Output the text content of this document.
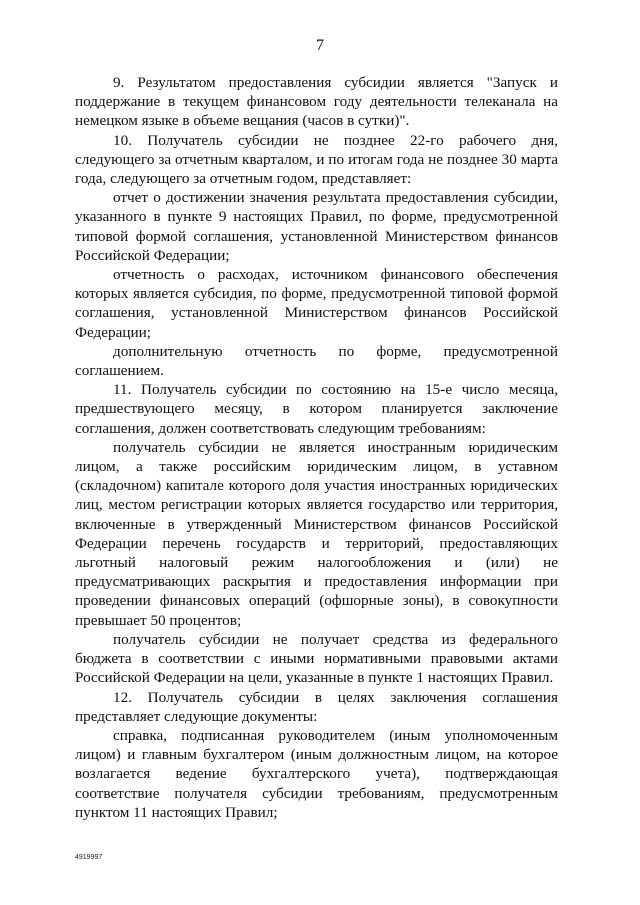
7

9. Результатом предоставления субсидии является "Запуск и поддержание в текущем финансовом году деятельности телеканала на немецком языке в объеме вещания (часов в сутки)".

10. Получатель субсидии не позднее 22-го рабочего дня, следующего за отчетным кварталом, и по итогам года не позднее 30 марта года, следующего за отчетным годом, представляет:

отчет о достижении значения результата предоставления субсидии, указанного в пункте 9 настоящих Правил, по форме, предусмотренной типовой формой соглашения, установленной Министерством финансов Российской Федерации;

отчетность о расходах, источником финансового обеспечения которых является субсидия, по форме, предусмотренной типовой формой соглашения, установленной Министерством финансов Российской Федерации;

дополнительную отчетность по форме, предусмотренной соглашением.

11. Получатель субсидии по состоянию на 15-е число месяца, предшествующего месяцу, в котором планируется заключение соглашения, должен соответствовать следующим требованиям:

получатель субсидии не является иностранным юридическим лицом, а также российским юридическим лицом, в уставном (складочном) капитале которого доля участия иностранных юридических лиц, местом регистрации которых является государство или территория, включенные в утвержденный Министерством финансов Российской Федерации перечень государств и территорий, предоставляющих льготный налоговый режим налогообложения и (или) не предусматривающих раскрытия и предоставления информации при проведении финансовых операций (офшорные зоны), в совокупности превышает 50 процентов;

получатель субсидии не получает средства из федерального бюджета в соответствии с иными нормативными правовыми актами Российской Федерации на цели, указанные в пункте 1 настоящих Правил.

12. Получатель субсидии в целях заключения соглашения представляет следующие документы:

справка, подписанная руководителем (иным уполномоченным лицом) и главным бухгалтером (иным должностным лицом, на которое возлагается ведение бухгалтерского учета), подтверждающая соответствие получателя субсидии требованиям, предусмотренным пунктом 11 настоящих Правил;

4919997
